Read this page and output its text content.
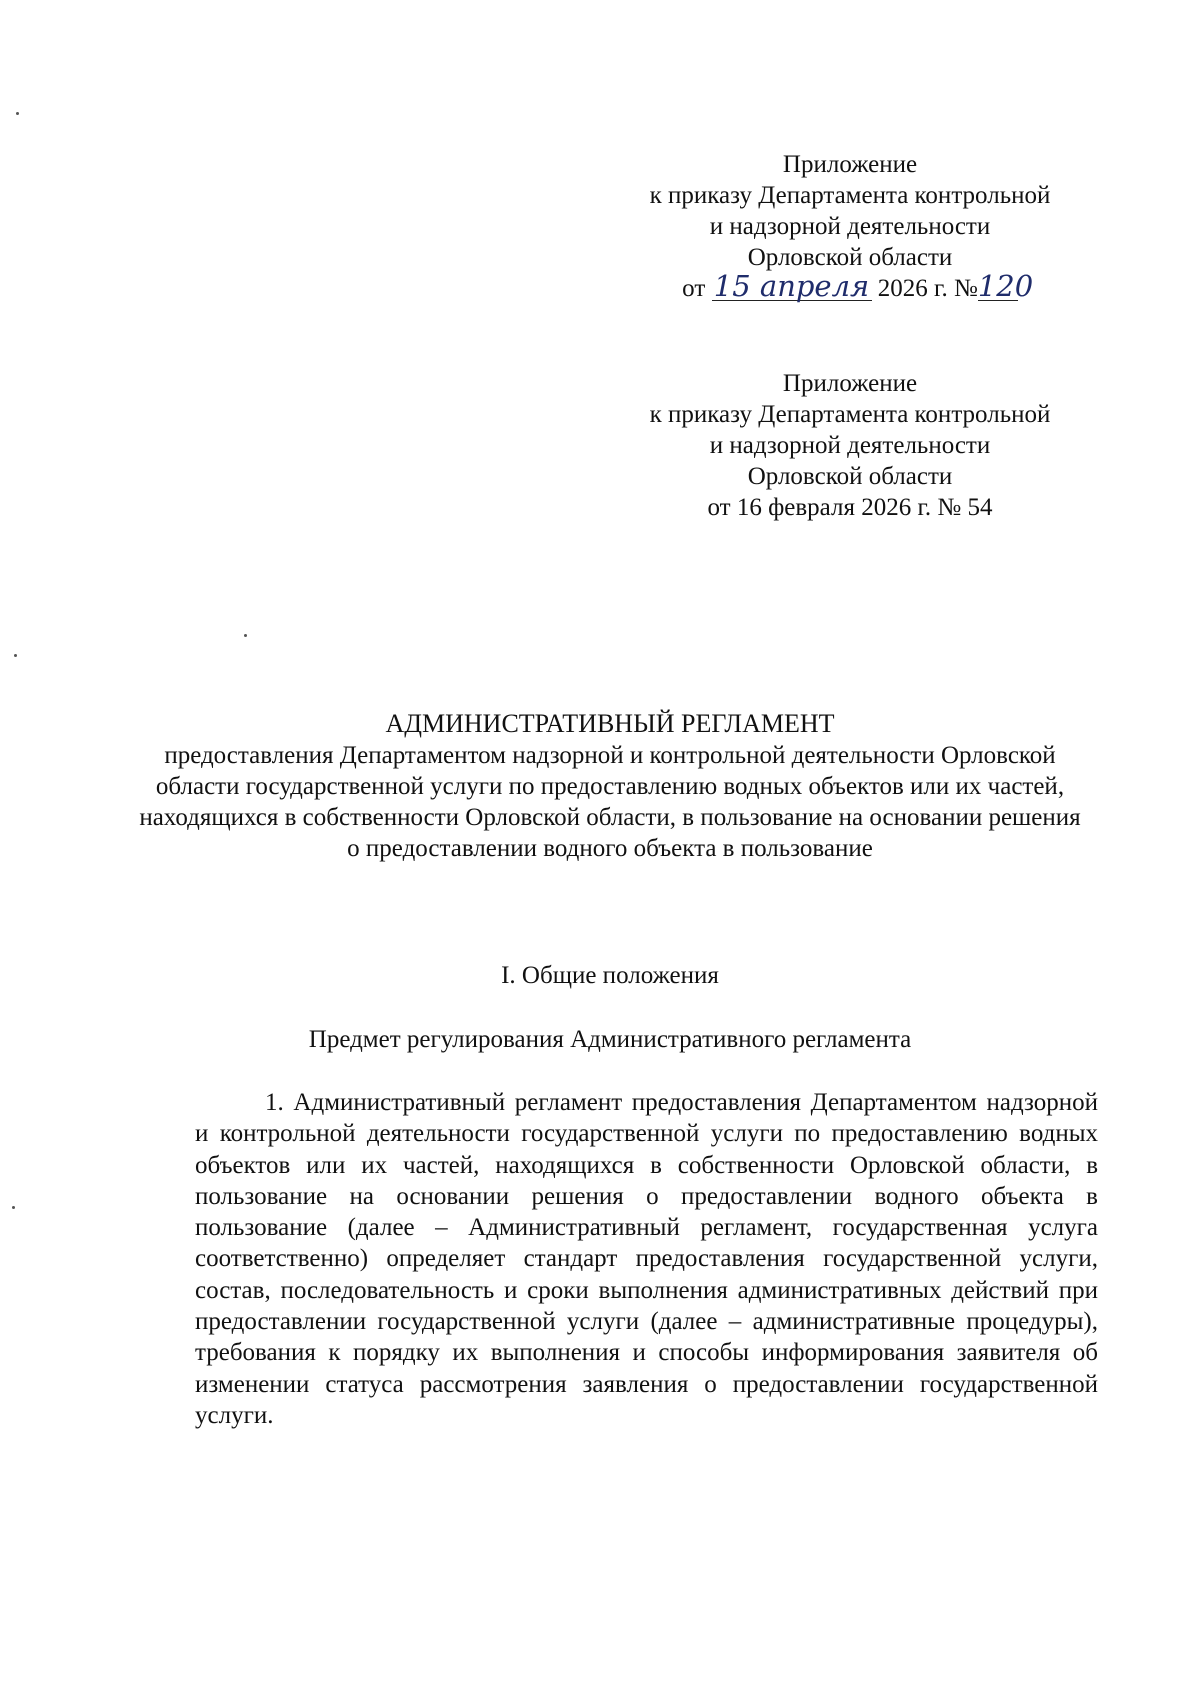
Приложение
к приказу Департамента контрольной
и надзорной деятельности
Орловской области
от 15 апреля 2026 г. №120
Приложение
к приказу Департамента контрольной
и надзорной деятельности
Орловской области
от 16 февраля 2026 г. № 54
АДМИНИСТРАТИВНЫЙ РЕГЛАМЕНТ
предоставления Департаментом надзорной и контрольной деятельности Орловской области государственной услуги по предоставлению водных объектов или их частей, находящихся в собственности Орловской области, в пользование на основании решения о предоставлении водного объекта в пользование
I. Общие положения
Предмет регулирования Административного регламента
1. Административный регламент предоставления Департаментом надзорной и контрольной деятельности государственной услуги по предоставлению водных объектов или их частей, находящихся в собственности Орловской области, в пользование на основании решения о предоставлении водного объекта в пользование (далее – Административный регламент, государственная услуга соответственно) определяет стандарт предоставления государственной услуги, состав, последовательность и сроки выполнения административных действий при предоставлении государственной услуги (далее – административные процедуры), требования к порядку их выполнения и способы информирования заявителя об изменении статуса рассмотрения заявления о предоставлении государственной услуги.
